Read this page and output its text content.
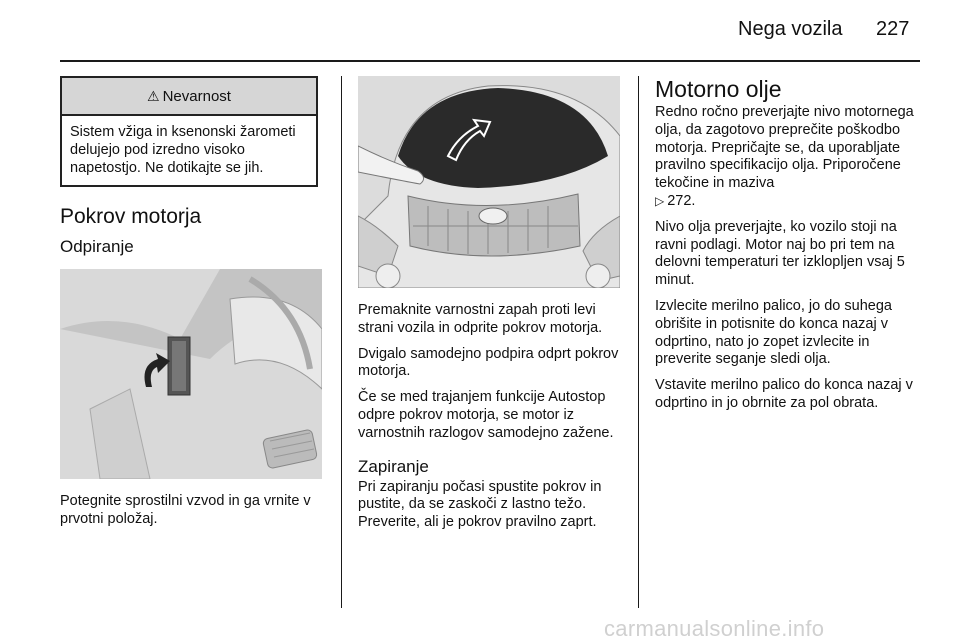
Nega vozila 227
⚠ Nevarnost
Sistem vžiga in ksenonski žarometi delujejo pod izredno visoko napetostjo. Ne dotikajte se jih.
Pokrov motorja
Odpiranje

Potegnite sprostilni vzvod in ga vrnite v prvotni položaj.

Premaknite varnostni zapah proti levi strani vozila in odprite pokrov motorja.

Dvigalo samodejno podpira odprt pokrov motorja.

Če se med trajanjem funkcije Autostop odpre pokrov motorja, se motor iz varnostnih razlogov samodejno zažene.

Zapiranje

Pri zapiranju počasi spustite pokrov in pustite, da se zaskoči z lastno težo. Preverite, ali je pokrov pravilno zaprt.

Motorno olje

Redno ročno preverjajte nivo motornega olja, da zagotovo preprečite poškodbo motorja. Prepričajte se, da uporabljate pravilno specifikacijo olja. Priporočene tekočine in maziva
▷ 272.

Nivo olja preverjajte, ko vozilo stoji na ravni podlagi. Motor naj bo pri tem na delovni temperaturi ter izklopljen vsaj 5 minut.

Izvlecite merilno palico, jo do suhega obrišite in potisnite do konca nazaj v odprtino, nato jo zopet izvlecite in preverite seganje sledi olja.

Vstavite merilno palico do konca nazaj v odprtino in jo obrnite za pol obrata.

carmanualsonline.info
